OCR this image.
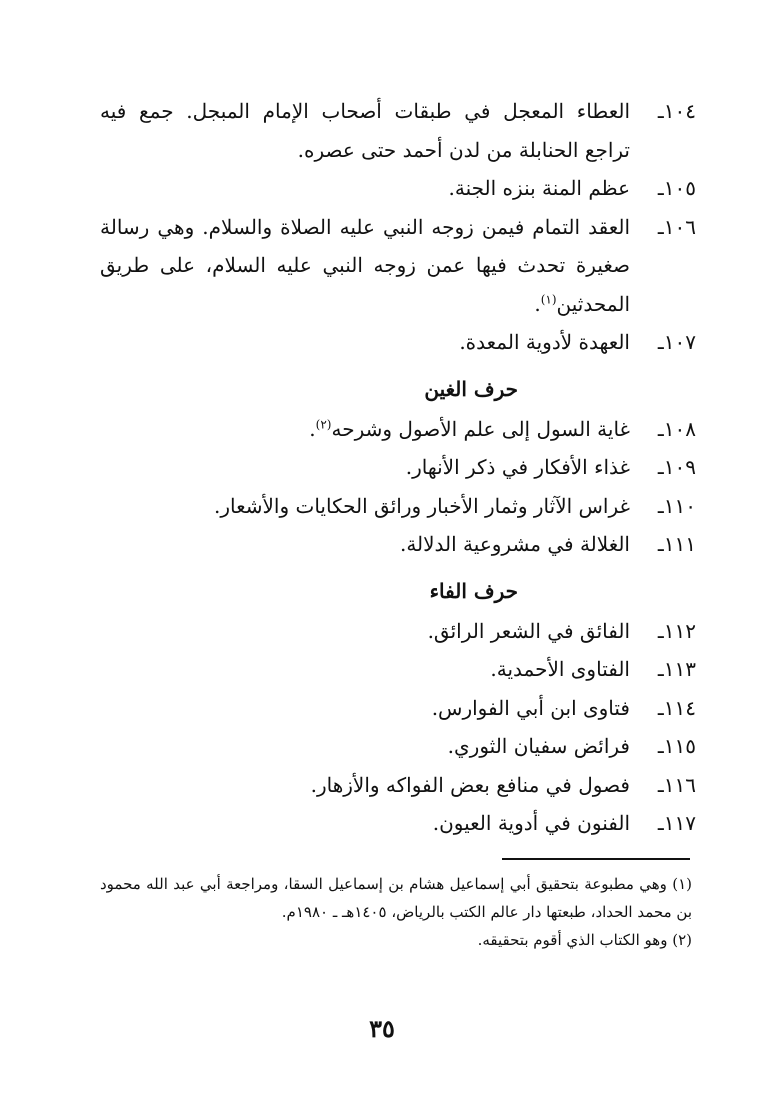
١٠٤ـ
العطاء المعجل في طبقات أصحاب الإمام المبجل. جمع فيه تراجع الحنابلة من لدن أحمد حتى عصره.
١٠٥ـ
عظم المنة بنزه الجنة.
١٠٦ـ
العقد التمام فيمن زوجه النبي عليه الصلاة والسلام. وهي رسالة صغيرة تحدث فيها عمن زوجه النبي عليه السلام، على طريق المحدثين$^{(١)}$.
١٠٧ـ
العهدة لأدوية المعدة.
حرف الغين
١٠٨ـ
غاية السول إلى علم الأصول وشرحه$^{(٢)}$.
١٠٩ـ
غذاء الأفكار في ذكر الأنهار.
١١٠ـ
غراس الآثار وثمار الأخبار ورائق الحكايات والأشعار.
١١١ـ
الغلالة في مشروعية الدلالة.
حرف الفاء
١١٢ـ
الفائق في الشعر الرائق.
١١٣ـ
الفتاوى الأحمدية.
١١٤ـ
فتاوى ابن أبي الفوارس.
١١٥ـ
فرائض سفيان الثوري.
١١٦ـ
فصول في منافع بعض الفواكه والأزهار.
١١٧ـ
الفنون في أدوية العيون.
(١) وهي مطبوعة بتحقيق أبي إسماعيل هشام بن إسماعيل السقا، ومراجعة أبي عبد الله محمود بن محمد الحداد، طبعتها دار عالم الكتب بالرياض، ١٤٠٥هـ ـ ١٩٨٠م.
(٢) وهو الكتاب الذي أقوم بتحقيقه.
٣٥
